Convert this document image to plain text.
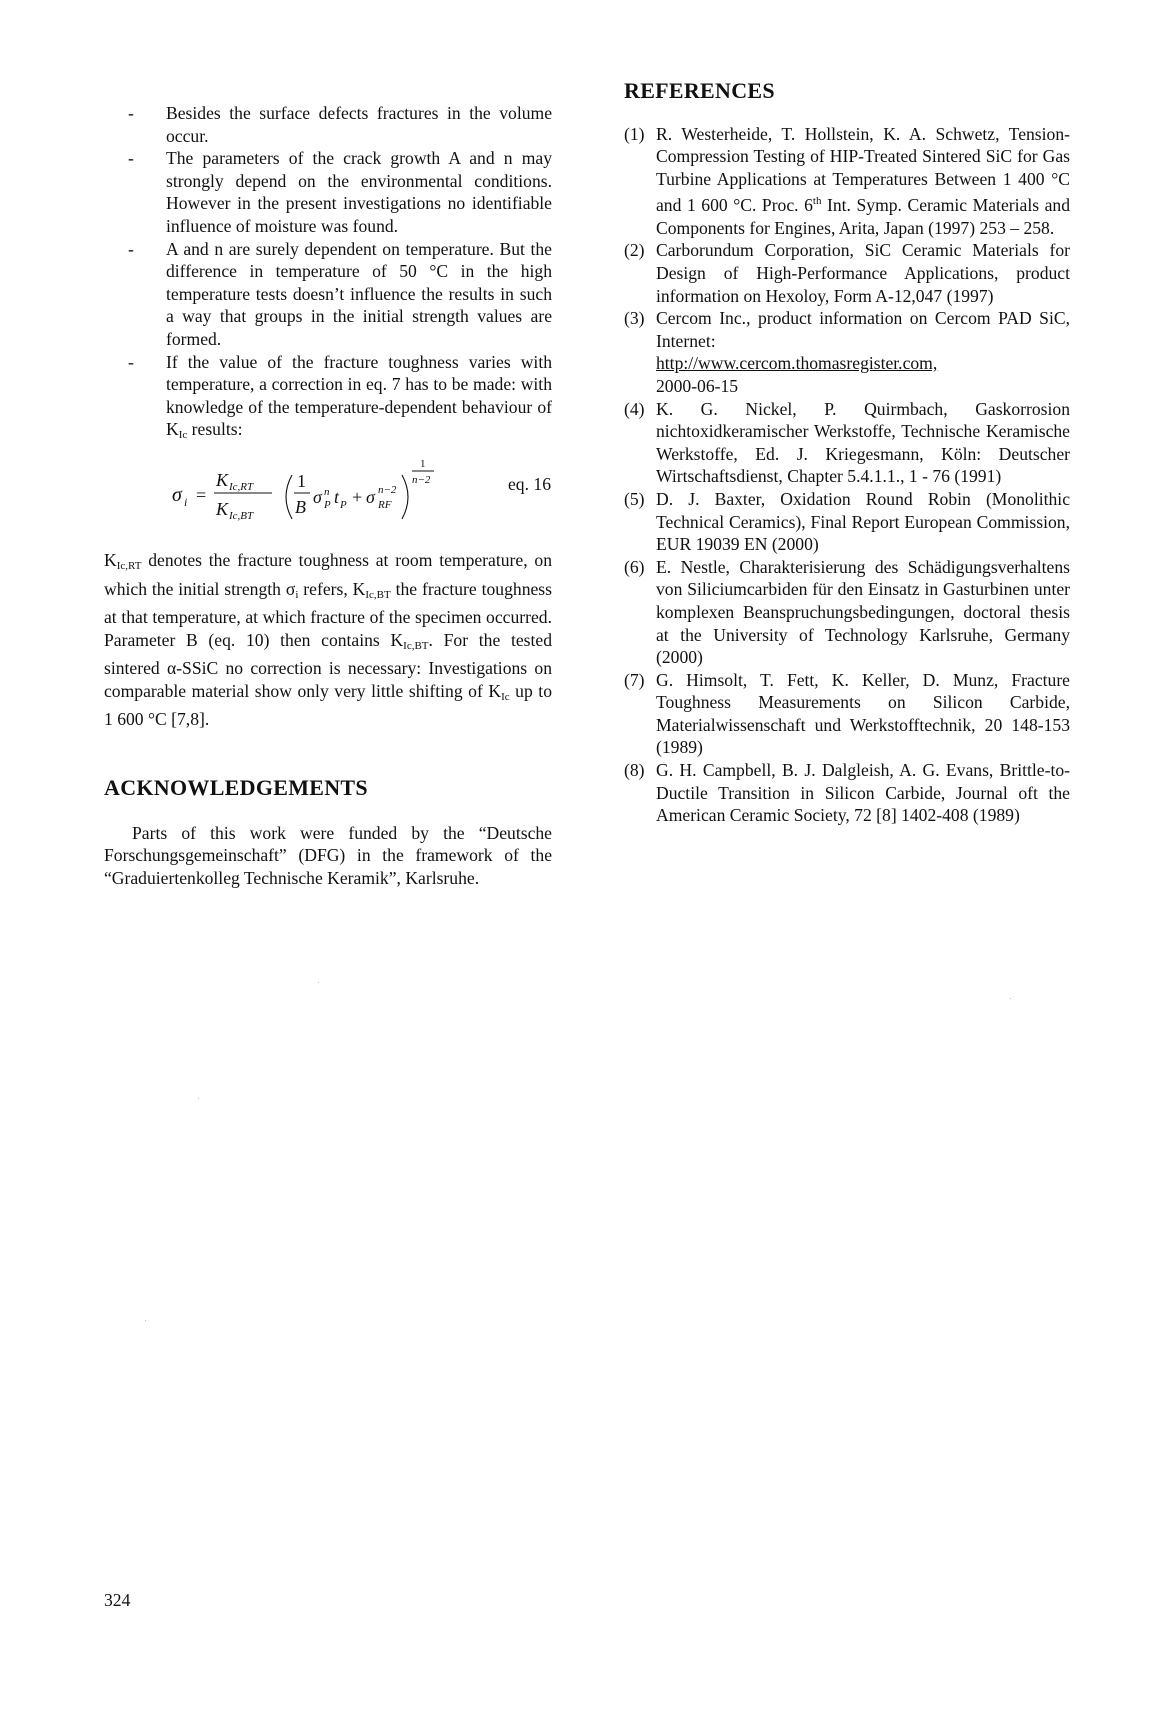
- Besides the surface defects fractures in the volume occur.
- The parameters of the crack growth A and n may strongly depend on the environmental conditions. However in the present investigations no identifiable influence of moisture was found.
- A and n are surely dependent on temperature. But the difference in temperature of 50 °C in the high temperature tests doesn’t influence the results in such a way that groups in the initial strength values are formed.
- If the value of the fracture toughness varies with temperature, a correction in eq. 7 has to be made: with knowledge of the temperature-dependent behaviour of $K_{Ic}$ results:
σ i =
K Ic,RT
K Ic,BT
1
B σ n
P t P + σ n−2
RF
1
n−2	eq. 16

$K_{Ic,RT}$ denotes the fracture toughness at room temperature, on which the initial strength $\sigma_i$ refers, $K_{Ic,BT}$ the fracture toughness at that temperature, at which fracture of the specimen occurred. Parameter B (eq. 10) then contains $K_{Ic,BT}$. For the tested sintered α-SSiC no correction is necessary: Investigations on comparable material show only very little shifting of $K_{Ic}$ up to 1 600 °C [7,8].

ACKNOWLEDGEMENTS

Parts of this work were funded by the “Deutsche Forschungsgemeinschaft” (DFG) in the framework of the “Graduiertenkolleg Technische Keramik”, Karlsruhe.

REFERENCES
(1) R. Westerheide, T. Hollstein, K. A. Schwetz, Tension-Compression Testing of HIP-Treated Sintered SiC for Gas Turbine Applications at Temperatures Between 1 400 °C and 1 600 °C. Proc. 6th Int. Symp. Ceramic Materials and Components for Engines, Arita, Japan (1997) 253 – 258.
(2) Carborundum Corporation, SiC Ceramic Materials for Design of High-Performance Applications, product information on Hexoloy, Form A-12,047 (1997)
(3) Cercom Inc., product information on Cercom PAD SiC, Internet:
http://www.cercom.thomasregister.com,
2000-06-15
(4) K. G. Nickel, P. Quirmbach, Gaskorrosion nichtoxidkeramischer Werkstoffe, Technische Keramische Werkstoffe, Ed. J. Kriegesmann, Köln: Deutscher Wirtschaftsdienst, Chapter 5.4.1.1., 1 - 76 (1991)
(5) D. J. Baxter, Oxidation Round Robin (Monolithic Technical Ceramics), Final Report European Commission, EUR 19039 EN (2000)
(6) E. Nestle, Charakterisierung des Schädigungsverhaltens von Siliciumcarbiden für den Einsatz in Gasturbinen unter komplexen Beanspruchungsbedingungen, doctoral thesis at the University of Technology Karlsruhe, Germany (2000)
(7) G. Himsolt, T. Fett, K. Keller, D. Munz, Fracture Toughness Measurements on Silicon Carbide, Materialwissenschaft und Werkstofftechnik, 20 148-153 (1989)
(8) G. H. Campbell, B. J. Dalgleish, A. G. Evans, Brittle-to-Ductile Transition in Silicon Carbide, Journal oft the American Ceramic Society, 72 [8] 1402-408 (1989)
324
